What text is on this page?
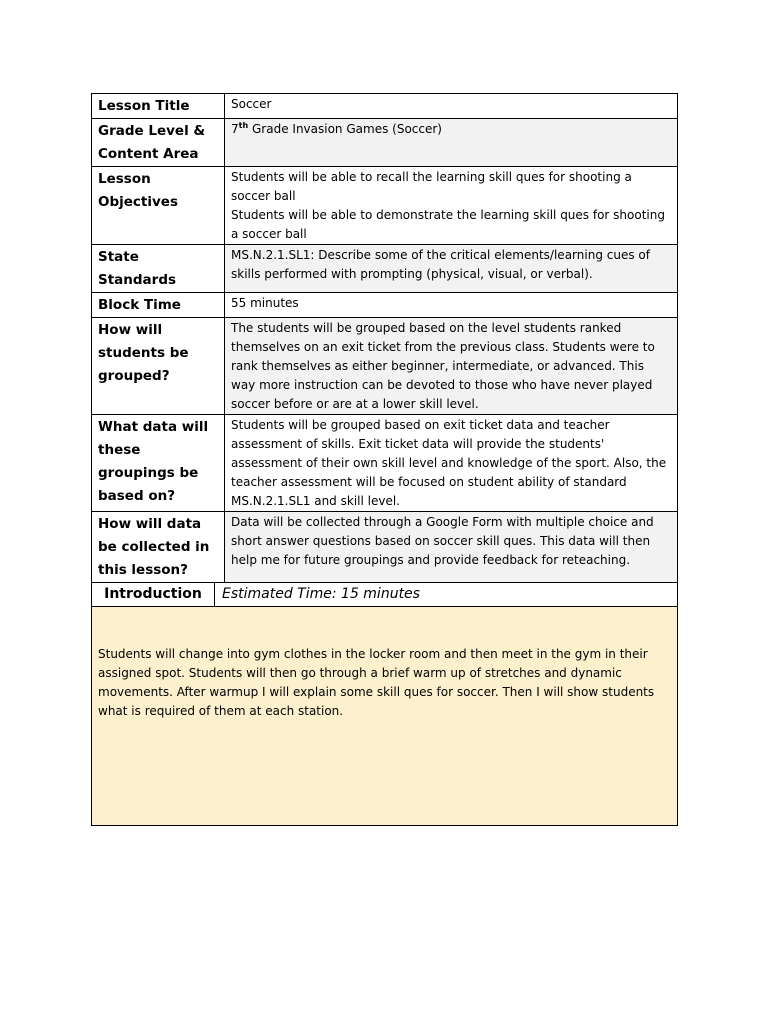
Lesson Title	Soccer
Grade Level & Content Area	7th Grade Invasion Games (Soccer)
Lesson Objectives	Students will be able to recall the learning skill ques for shooting a soccer ball
Students will be able to demonstrate the learning skill ques for shooting a soccer ball

State Standards	MS.N.2.1.SL1: Describe some of the critical elements/learning cues of skills performed with prompting (physical, visual, or verbal).
Block Time	55 minutes
How will students be grouped?	The students will be grouped based on the level students ranked themselves on an exit ticket from the previous class. Students were to rank themselves as either beginner, intermediate, or advanced. This way more instruction can be devoted to those who have never played soccer before or are at a lower skill level.
What data will these groupings be based on?	Students will be grouped based on exit ticket data and teacher assessment of skills. Exit ticket data will provide the students' assessment of their own skill level and knowledge of the sport. Also, the teacher assessment will be focused on student ability of standard MS.N.2.1.SL1 and skill level.
How will data be collected in this lesson?	Data will be collected through a Google Form with multiple choice and short answer questions based on soccer skill ques. This data will then help me for future groupings and provide feedback for reteaching.
Introduction	Estimated Time: 15 minutes
Students will change into gym clothes in the locker room and then meet in the gym in their assigned spot. Students will then go through a brief warm up of stretches and dynamic movements. After warmup I will explain some skill ques for soccer. Then I will show students what is required of them at each station.
